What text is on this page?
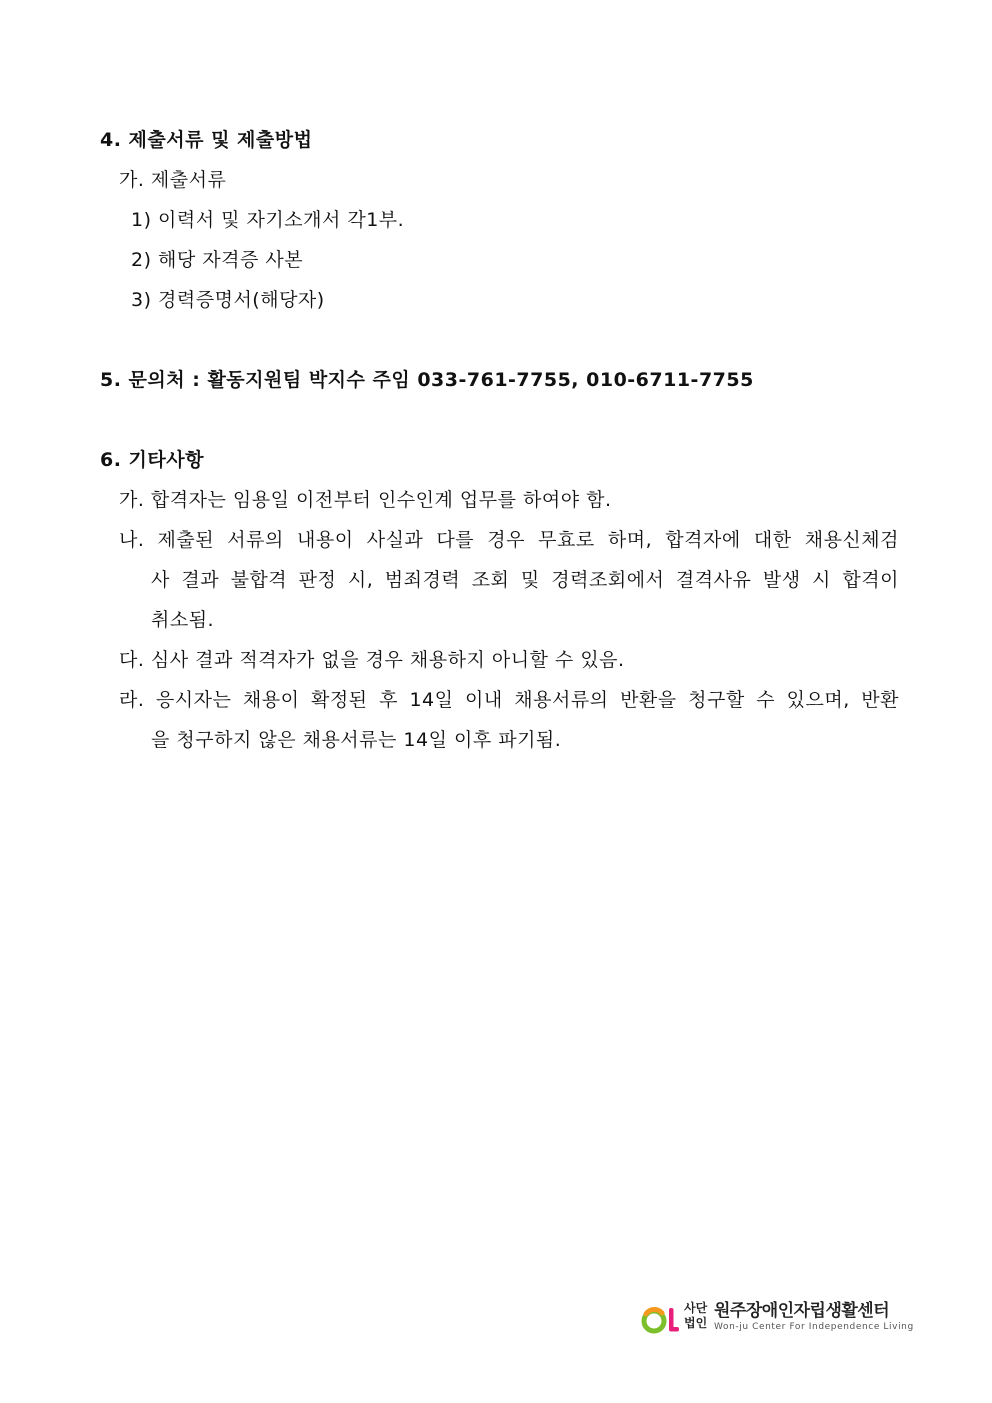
4. 제출서류 및 제출방법
가. 제출서류
1) 이력서 및 자기소개서 각1부.
2) 해당 자격증 사본
3) 경력증명서(해당자)
5. 문의처 : 활동지원팀 박지수 주임 033-761-7755, 010-6711-7755
6. 기타사항
가. 합격자는 임용일 이전부터 인수인계 업무를 하여야 함.
나. 제출된 서류의 내용이 사실과 다를 경우 무효로 하며, 합격자에 대한 채용신체검
사 결과 불합격 판정 시, 범죄경력 조회 및 경력조회에서 결격사유 발생 시 합격이
취소됨.
다. 심사 결과 적격자가 없을 경우 채용하지 아니할 수 있음.
라. 응시자는 채용이 확정된 후 14일 이내 채용서류의 반환을 청구할 수 있으며, 반환
을 청구하지 않은 채용서류는 14일 이후 파기됨.
사단
법인
원주장애인자립생활센터
Won-ju Center For Independence Living
